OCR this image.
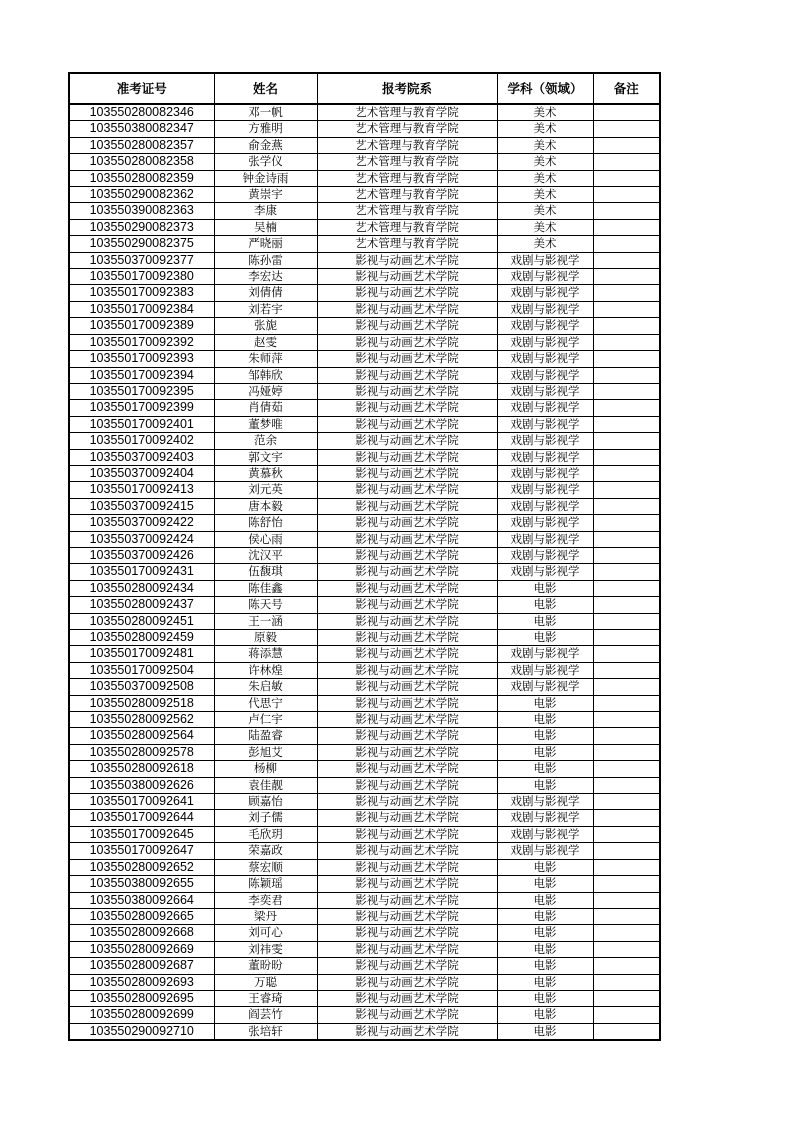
准考证号	姓名	报考院系	学科（领域）	备注
103550280082346	邓一帆	艺术管理与教育学院	美术	
103550380082347	方雅明	艺术管理与教育学院	美术	
103550280082357	俞金燕	艺术管理与教育学院	美术	
103550280082358	张学仪	艺术管理与教育学院	美术	
103550280082359	钟金诗雨	艺术管理与教育学院	美术	
103550290082362	黄崇宇	艺术管理与教育学院	美术	
103550390082363	李康	艺术管理与教育学院	美术	
103550290082373	吴楠	艺术管理与教育学院	美术	
103550290082375	严晓丽	艺术管理与教育学院	美术	
103550370092377	陈孙雷	影视与动画艺术学院	戏剧与影视学	
103550170092380	李宏达	影视与动画艺术学院	戏剧与影视学	
103550170092383	刘倩倩	影视与动画艺术学院	戏剧与影视学	
103550170092384	刘若宇	影视与动画艺术学院	戏剧与影视学	
103550170092389	张旎	影视与动画艺术学院	戏剧与影视学	
103550170092392	赵雯	影视与动画艺术学院	戏剧与影视学	
103550170092393	朱师萍	影视与动画艺术学院	戏剧与影视学	
103550170092394	邹韩欣	影视与动画艺术学院	戏剧与影视学	
103550170092395	冯娅婷	影视与动画艺术学院	戏剧与影视学	
103550170092399	肖倩茹	影视与动画艺术学院	戏剧与影视学	
103550170092401	董梦唯	影视与动画艺术学院	戏剧与影视学	
103550170092402	范余	影视与动画艺术学院	戏剧与影视学	
103550370092403	郭文宇	影视与动画艺术学院	戏剧与影视学	
103550370092404	黄慕秋	影视与动画艺术学院	戏剧与影视学	
103550170092413	刘元英	影视与动画艺术学院	戏剧与影视学	
103550370092415	唐本毅	影视与动画艺术学院	戏剧与影视学	
103550370092422	陈舒怡	影视与动画艺术学院	戏剧与影视学	
103550370092424	侯心雨	影视与动画艺术学院	戏剧与影视学	
103550370092426	沈汉平	影视与动画艺术学院	戏剧与影视学	
103550170092431	伍馥琪	影视与动画艺术学院	戏剧与影视学	
103550280092434	陈佳鑫	影视与动画艺术学院	电影	
103550280092437	陈天号	影视与动画艺术学院	电影	
103550280092451	王一涵	影视与动画艺术学院	电影	
103550280092459	原毅	影视与动画艺术学院	电影	
103550170092481	蒋添慧	影视与动画艺术学院	戏剧与影视学	
103550170092504	许林煌	影视与动画艺术学院	戏剧与影视学	
103550370092508	朱启敏	影视与动画艺术学院	戏剧与影视学	
103550280092518	代思宁	影视与动画艺术学院	电影	
103550280092562	卢仁宇	影视与动画艺术学院	电影	
103550280092564	陆盈睿	影视与动画艺术学院	电影	
103550280092578	彭旭艾	影视与动画艺术学院	电影	
103550280092618	杨柳	影视与动画艺术学院	电影	
103550380092626	袁佳靓	影视与动画艺术学院	电影	
103550170092641	顾嘉怡	影视与动画艺术学院	戏剧与影视学	
103550170092644	刘子儒	影视与动画艺术学院	戏剧与影视学	
103550170092645	毛欣玥	影视与动画艺术学院	戏剧与影视学	
103550170092647	荣嘉政	影视与动画艺术学院	戏剧与影视学	
103550280092652	蔡宏顺	影视与动画艺术学院	电影	
103550380092655	陈颖瑶	影视与动画艺术学院	电影	
103550380092664	李奕君	影视与动画艺术学院	电影	
103550280092665	梁丹	影视与动画艺术学院	电影	
103550280092668	刘可心	影视与动画艺术学院	电影	
103550280092669	刘祎雯	影视与动画艺术学院	电影	
103550280092687	董昐昐	影视与动画艺术学院	电影	
103550280092693	万聪	影视与动画艺术学院	电影	
103550280092695	王睿琦	影视与动画艺术学院	电影	
103550280092699	阎芸竹	影视与动画艺术学院	电影	
103550290092710	张培轩	影视与动画艺术学院	电影	
